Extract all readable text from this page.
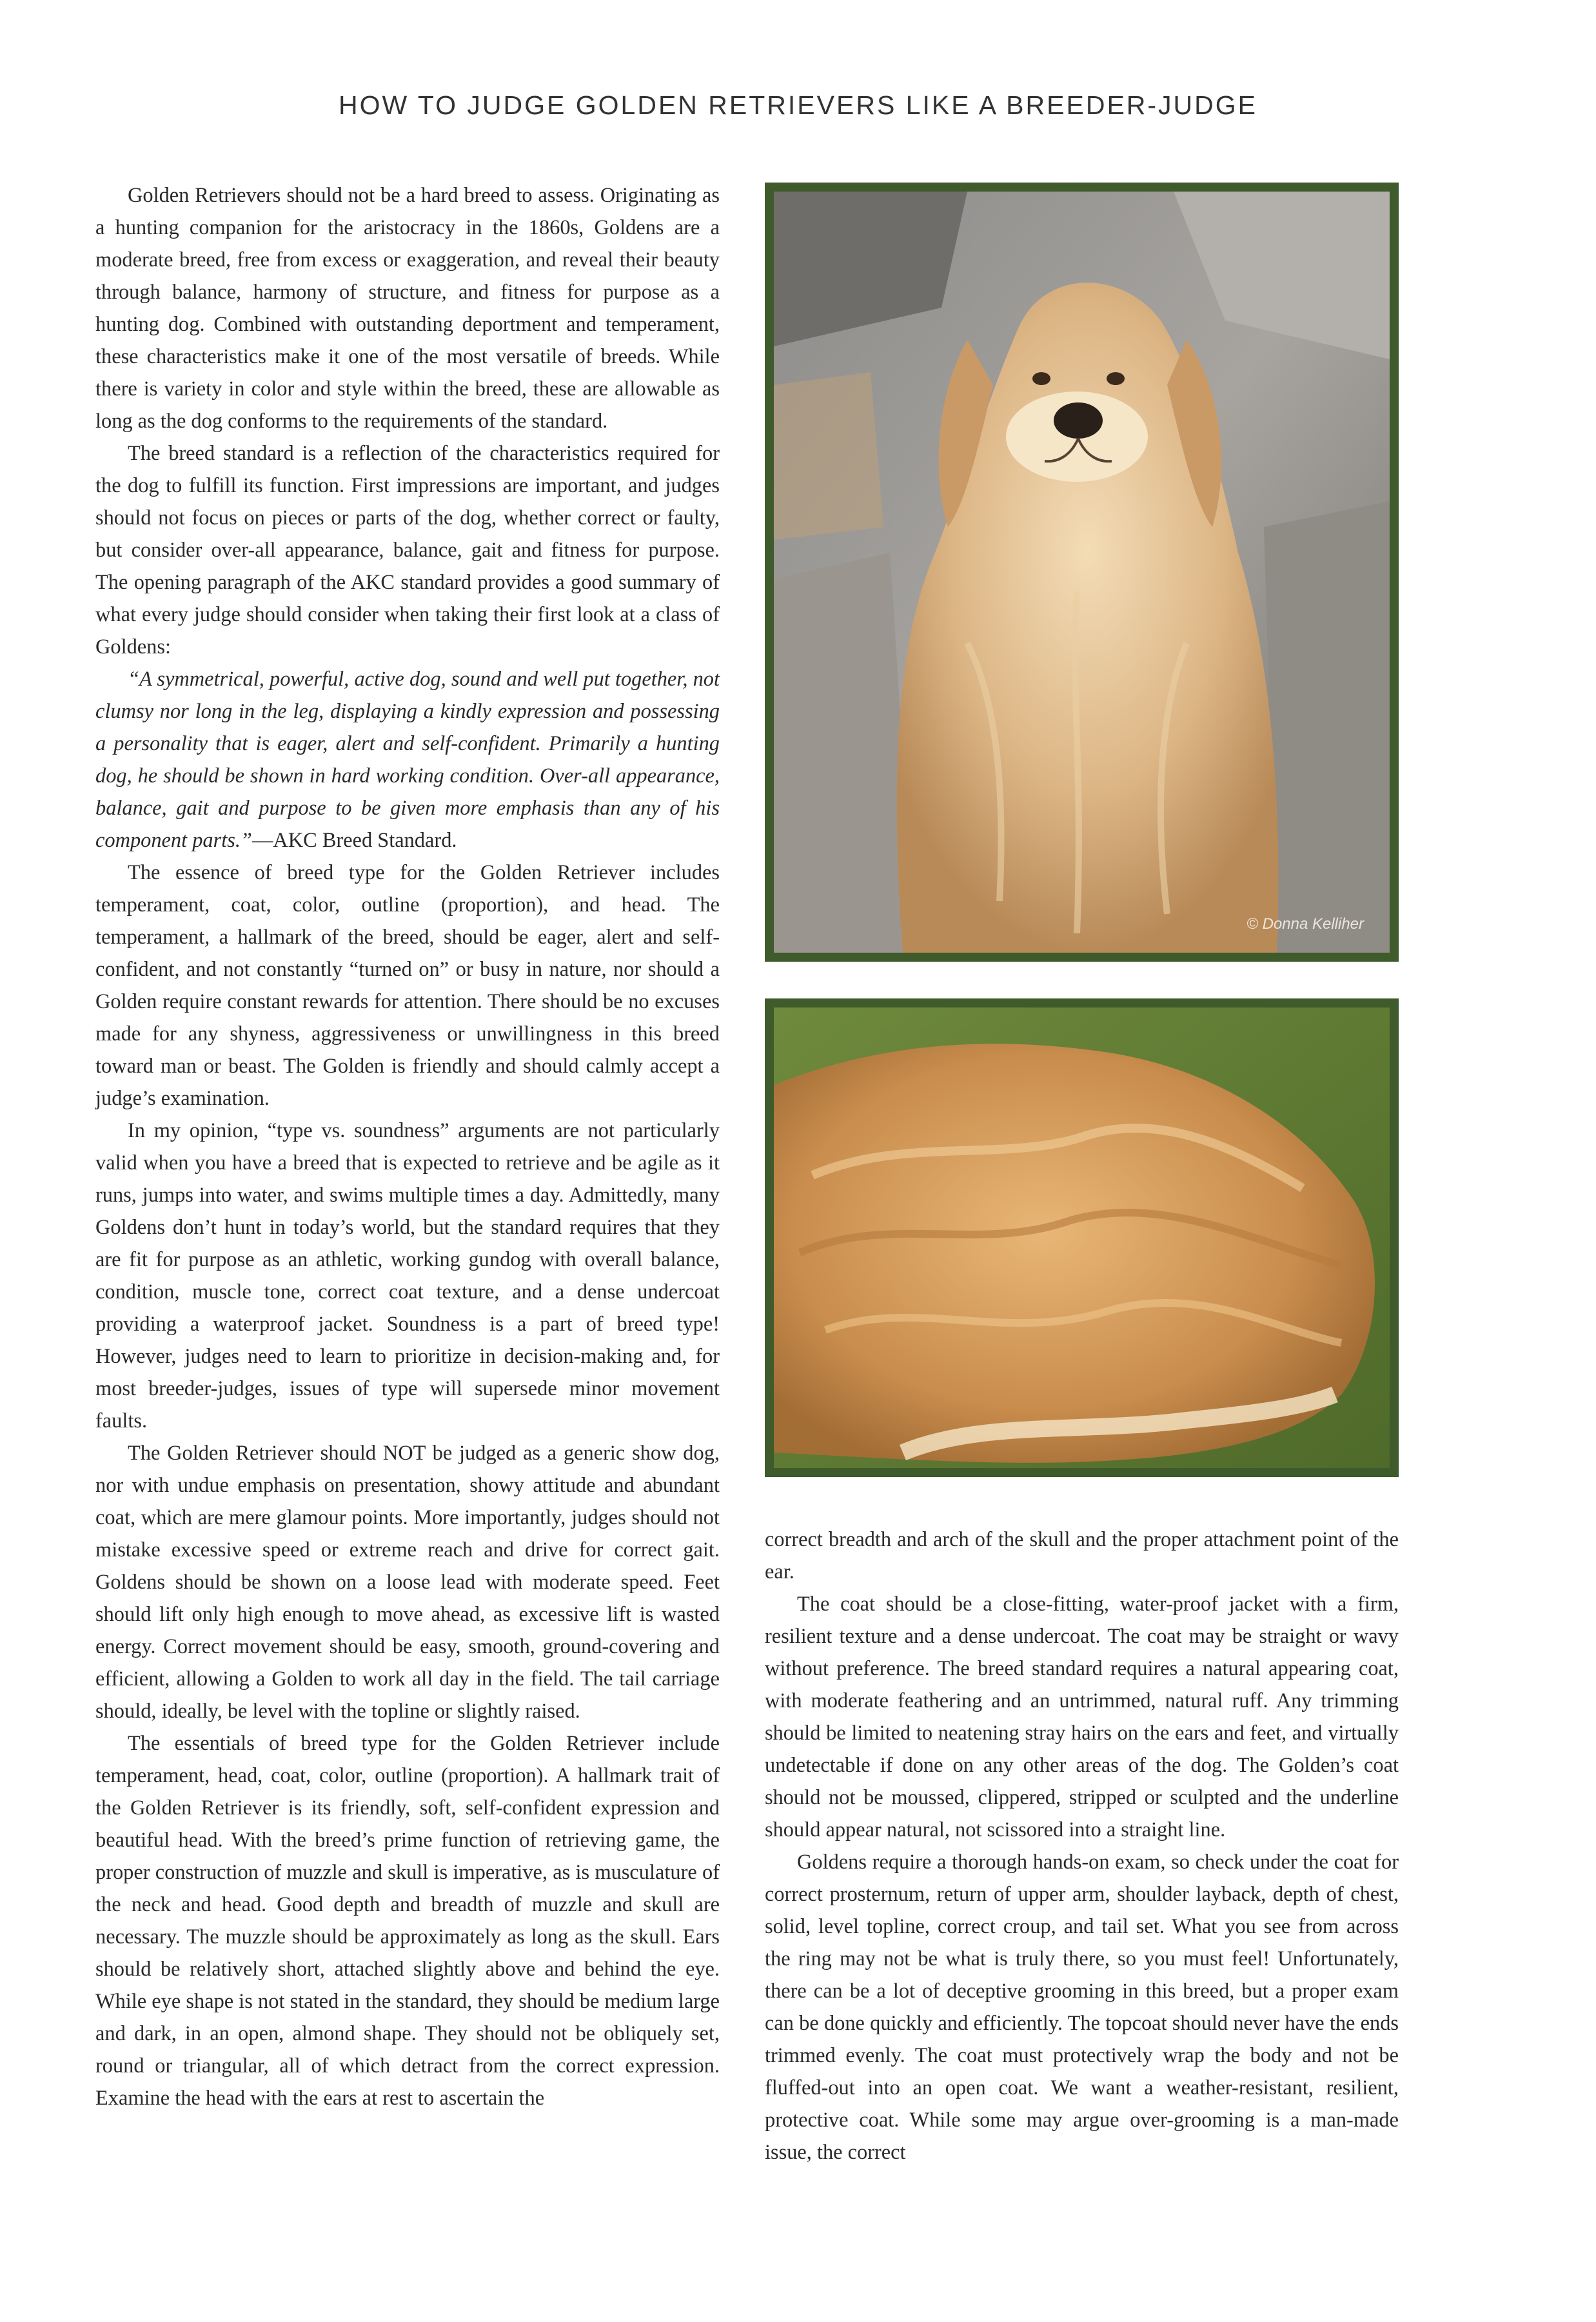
HOW TO JUDGE GOLDEN RETRIEVERS LIKE A BREEDER-JUDGE

Golden Retrievers should not be a hard breed to assess. Originating as a hunting companion for the aristocracy in the 1860s, Goldens are a moderate breed, free from excess or exaggeration, and reveal their beauty through balance, harmony of structure, and fitness for purpose as a hunting dog. Combined with outstanding deportment and temperament, these characteristics make it one of the most versatile of breeds. While there is variety in color and style within the breed, these are allowable as long as the dog conforms to the requirements of the standard.

The breed standard is a reflection of the characteristics required for the dog to fulfill its function. First impressions are important, and judges should not focus on pieces or parts of the dog, whether correct or faulty, but consider over-all appearance, balance, gait and fitness for purpose. The opening paragraph of the AKC standard provides a good summary of what every judge should consider when taking their first look at a class of Goldens:

“A symmetrical, powerful, active dog, sound and well put together, not clumsy nor long in the leg, displaying a kindly expression and possessing a personality that is eager, alert and self-confident. Primarily a hunting dog, he should be shown in hard working condition. Over-all appearance, balance, gait and purpose to be given more emphasis than any of his component parts.”—AKC Breed Standard.

The essence of breed type for the Golden Retriever includes temperament, coat, color, outline (proportion), and head. The temperament, a hallmark of the breed, should be eager, alert and self-confident, and not constantly “turned on” or busy in nature, nor should a Golden require constant rewards for attention. There should be no excuses made for any shyness, aggressiveness or unwillingness in this breed toward man or beast. The Golden is friendly and should calmly accept a judge’s examination.

In my opinion, “type vs. soundness” arguments are not particularly valid when you have a breed that is expected to retrieve and be agile as it runs, jumps into water, and swims multiple times a day. Admittedly, many Goldens don’t hunt in today’s world, but the standard requires that they are fit for purpose as an athletic, working gundog with overall balance, condition, muscle tone, correct coat texture, and a dense undercoat providing a waterproof jacket. Soundness is a part of breed type! However, judges need to learn to prioritize in decision-making and, for most breeder-judges, issues of type will supersede minor movement faults.

The Golden Retriever should NOT be judged as a generic show dog, nor with undue emphasis on presentation, showy attitude and abundant coat, which are mere glamour points. More importantly, judges should not mistake excessive speed or extreme reach and drive for correct gait. Goldens should be shown on a loose lead with moderate speed. Feet should lift only high enough to move ahead, as excessive lift is wasted energy. Correct movement should be easy, smooth, ground-covering and efficient, allowing a Golden to work all day in the field. The tail carriage should, ideally, be level with the topline or slightly raised.

The essentials of breed type for the Golden Retriever include temperament, head, coat, color, outline (proportion). A hallmark trait of the Golden Retriever is its friendly, soft, self-confident expression and beautiful head. With the breed’s prime function of retrieving game, the proper construction of muzzle and skull is imperative, as is musculature of the neck and head. Good depth and breadth of muzzle and skull are necessary. The muzzle should be approximately as long as the skull. Ears should be relatively short, attached slightly above and behind the eye. While eye shape is not stated in the standard, they should be medium large and dark, in an open, almond shape. They should not be obliquely set, round or triangular, all of which detract from the correct expression. Examine the head with the ears at rest to ascertain the

© Donna Kelliher

correct breadth and arch of the skull and the proper attachment point of the ear.

The coat should be a close-fitting, water-proof jacket with a firm, resilient texture and a dense undercoat. The coat may be straight or wavy without preference. The breed standard requires a natural appearing coat, with moderate feathering and an untrimmed, natural ruff. Any trimming should be limited to neatening stray hairs on the ears and feet, and virtually undetectable if done on any other areas of the dog. The Golden’s coat should not be moussed, clippered, stripped or sculpted and the underline should appear natural, not scissored into a straight line.

Goldens require a thorough hands-on exam, so check under the coat for correct prosternum, return of upper arm, shoulder layback, depth of chest, solid, level topline, correct croup, and tail set. What you see from across the ring may not be what is truly there, so you must feel! Unfortunately, there can be a lot of deceptive grooming in this breed, but a proper exam can be done quickly and efficiently. The topcoat should never have the ends trimmed evenly. The coat must protectively wrap the body and not be fluffed-out into an open coat. We want a weather-resistant, resilient, protective coat. While some may argue over-grooming is a man-made issue, the correct
